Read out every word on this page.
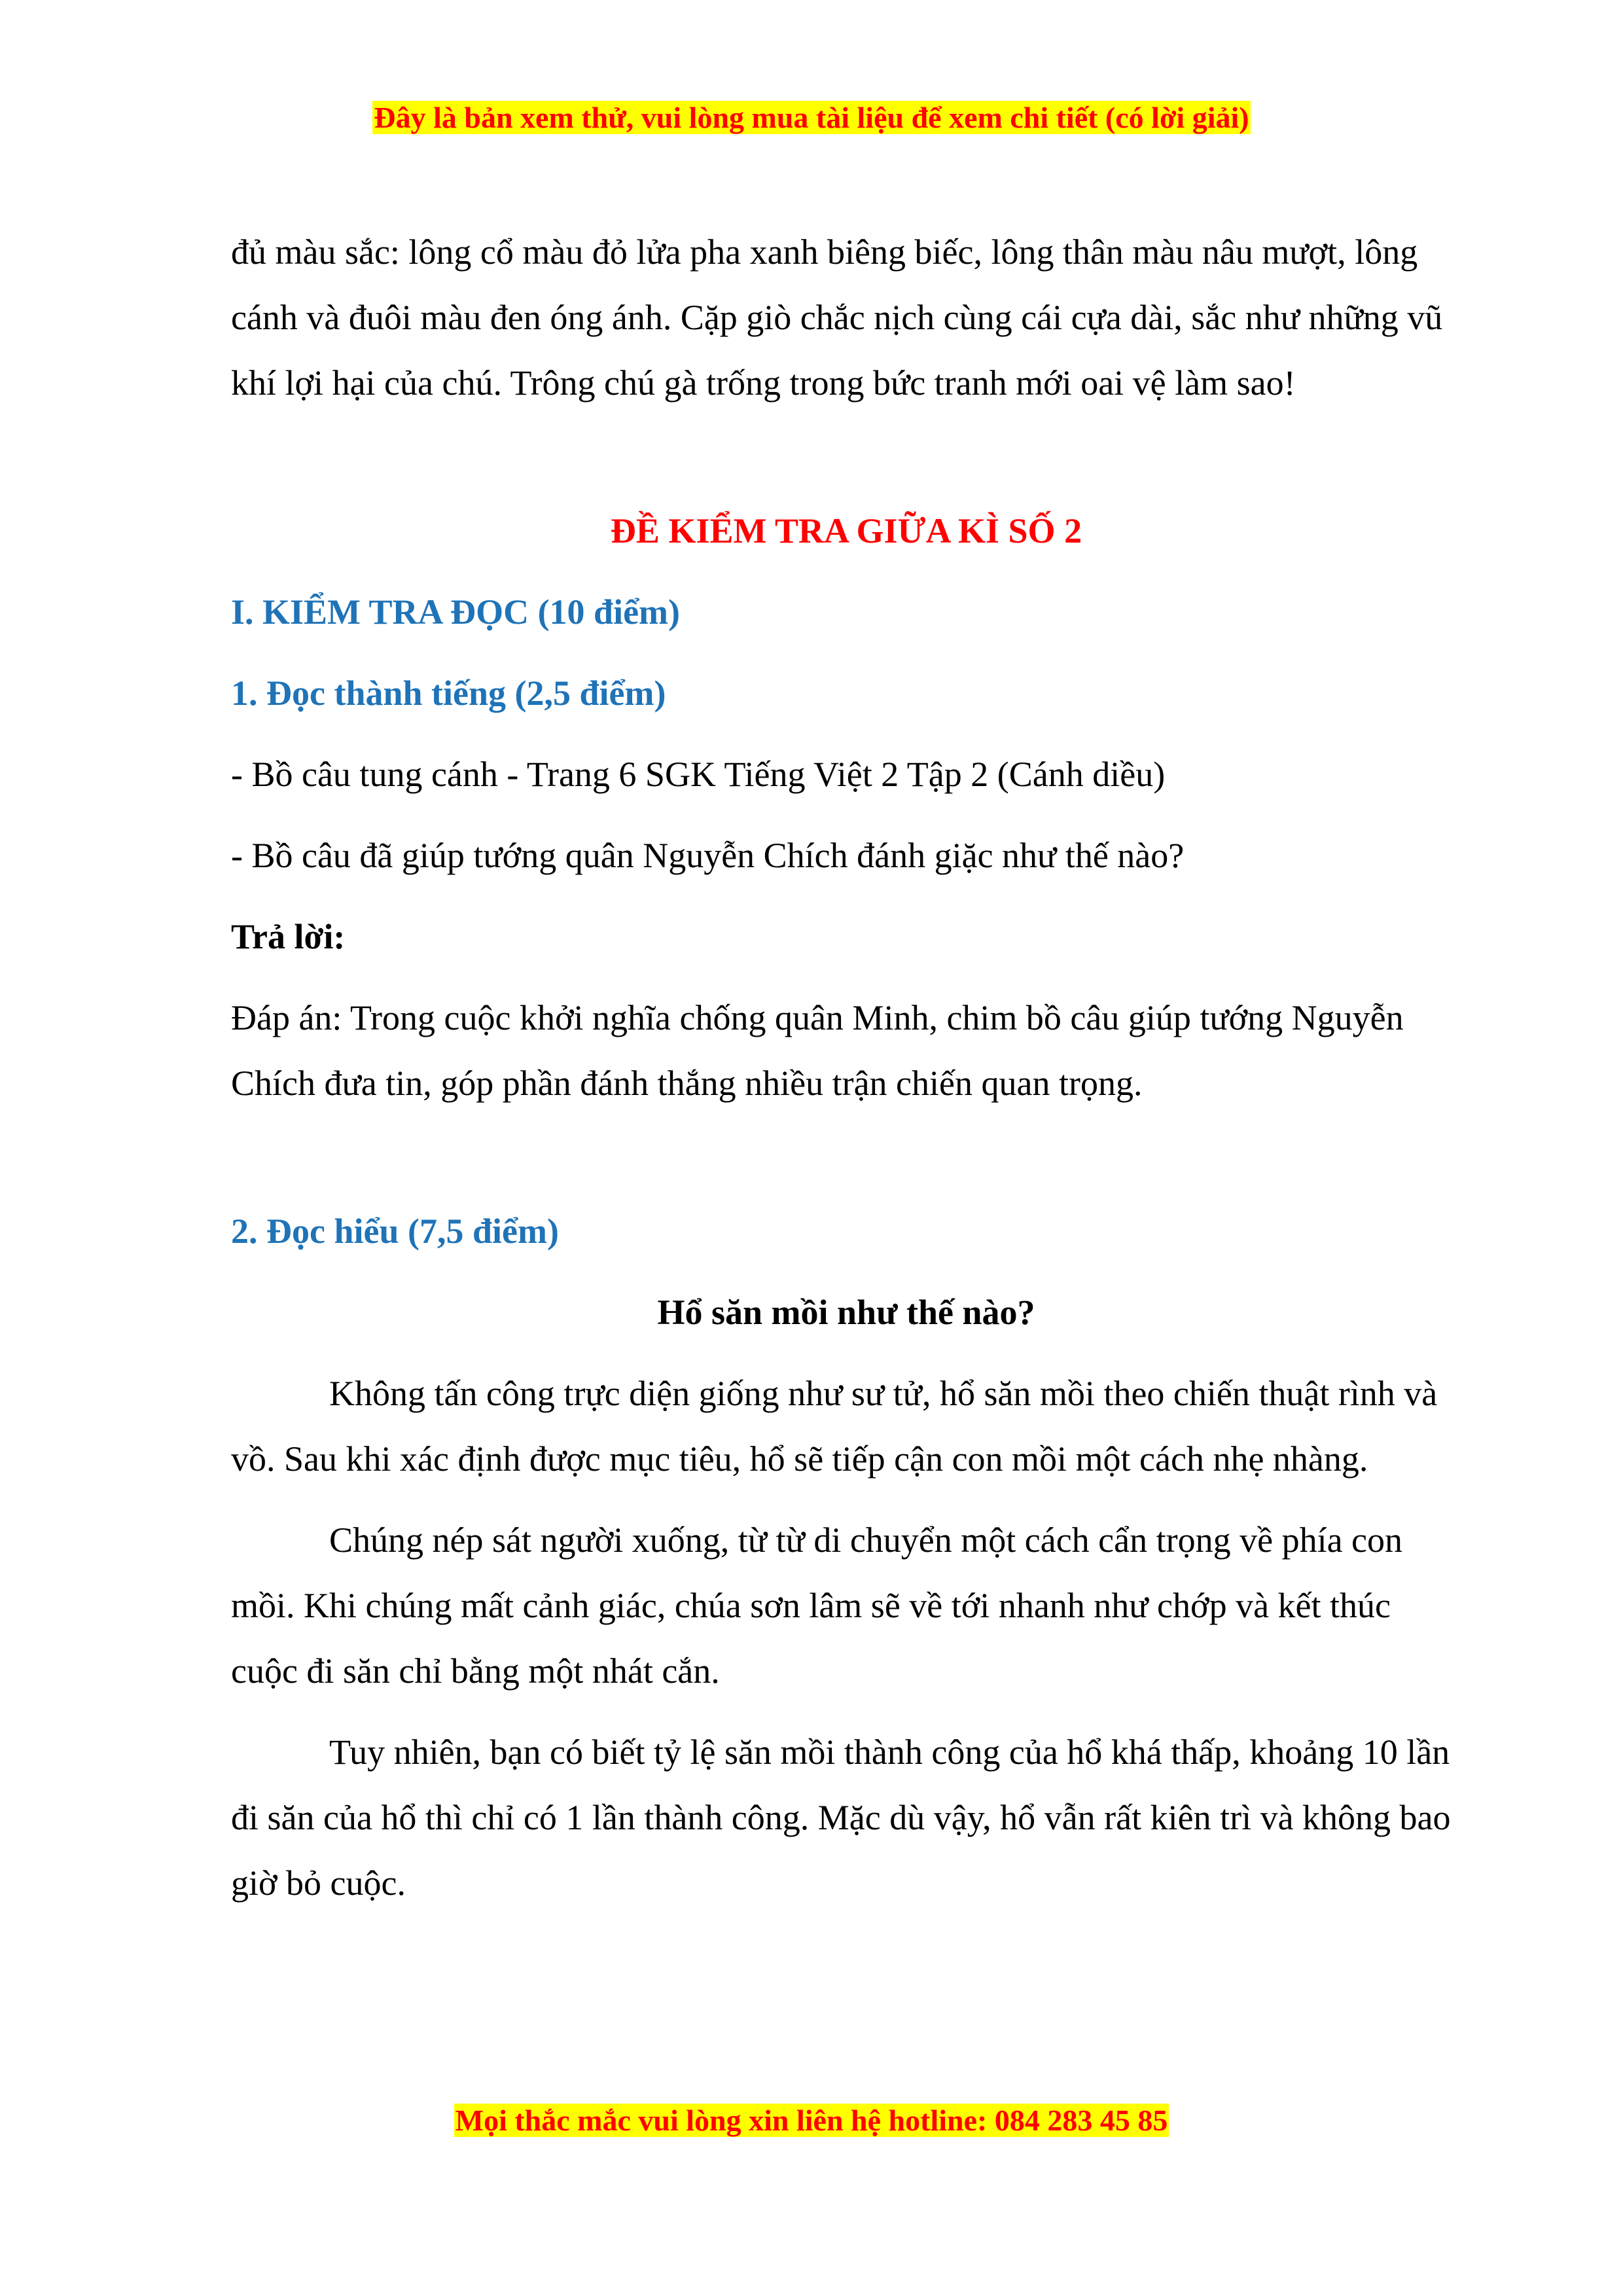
Đây là bản xem thử, vui lòng mua tài liệu để xem chi tiết (có lời giải)

đủ màu sắc: lông cổ màu đỏ lửa pha xanh biêng biếc, lông thân màu nâu mượt, lông cánh và đuôi màu đen óng ánh. Cặp giò chắc nịch cùng cái cựa dài, sắc như những vũ khí lợi hại của chú. Trông chú gà trống trong bức tranh mới oai vệ làm sao!

ĐỀ KIỂM TRA GIỮA KÌ SỐ 2

I. KIỂM TRA ĐỌC (10 điểm)

1. Đọc thành tiếng (2,5 điểm)

- Bồ câu tung cánh - Trang 6 SGK Tiếng Việt 2 Tập 2 (Cánh diều)

- Bồ câu đã giúp tướng quân Nguyễn Chích đánh giặc như thế nào?

Trả lời:

Đáp án: Trong cuộc khởi nghĩa chống quân Minh, chim bồ câu giúp tướng Nguyễn Chích đưa tin, góp phần đánh thắng nhiều trận chiến quan trọng.

2. Đọc hiểu (7,5 điểm)

Hổ săn mồi như thế nào?

Không tấn công trực diện giống như sư tử, hổ săn mồi theo chiến thuật rình và vồ. Sau khi xác định được mục tiêu, hổ sẽ tiếp cận con mồi một cách nhẹ nhàng.

Chúng nép sát người xuống, từ từ di chuyển một cách cẩn trọng về phía con mồi. Khi chúng mất cảnh giác, chúa sơn lâm sẽ về tới nhanh như chớp và kết thúc cuộc đi săn chỉ bằng một nhát cắn.

Tuy nhiên, bạn có biết tỷ lệ săn mồi thành công của hổ khá thấp, khoảng 10 lần đi săn của hổ thì chỉ có 1 lần thành công. Mặc dù vậy, hổ vẫn rất kiên trì và không bao giờ bỏ cuộc.

Mọi thắc mắc vui lòng xin liên hệ hotline: 084 283 45 85
